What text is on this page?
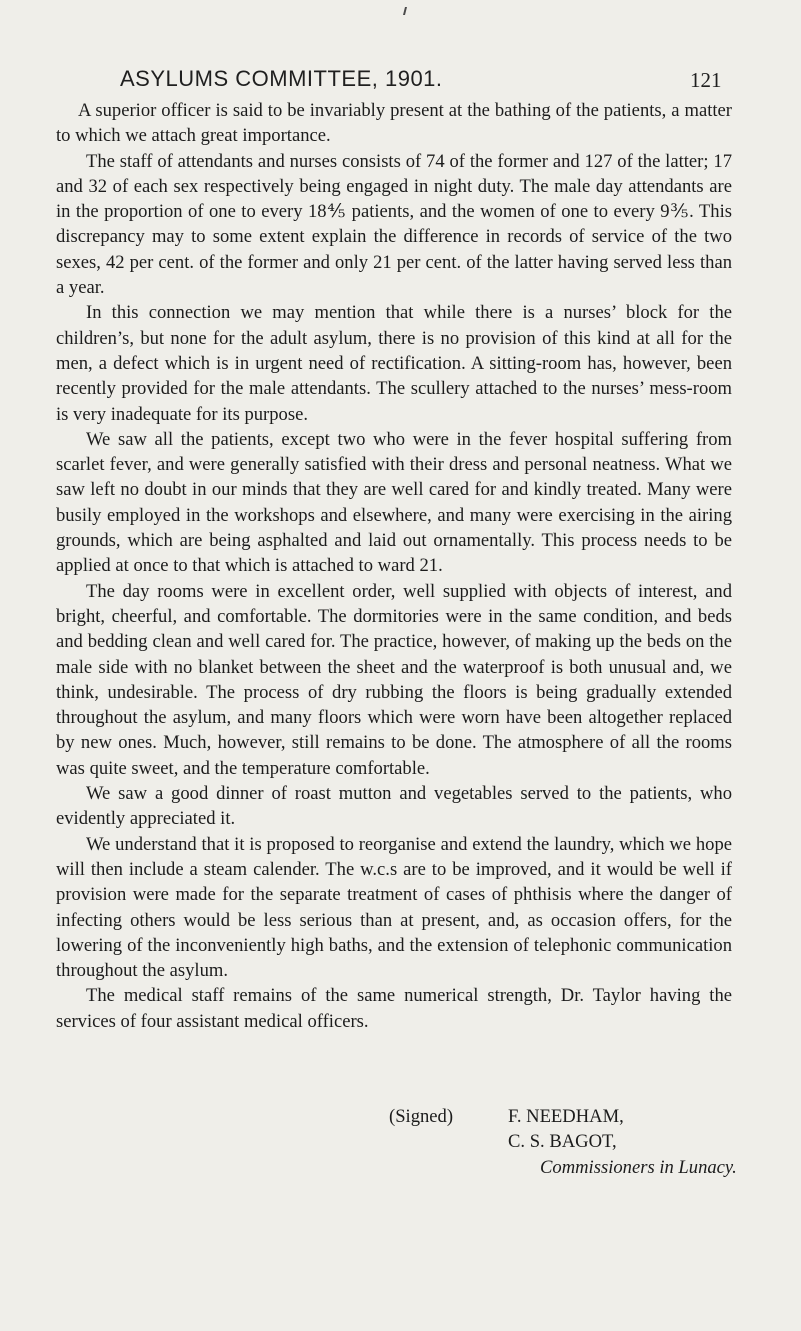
ASYLUMS COMMITTEE, 1901.	121

A superior officer is said to be invariably present at the bathing of the patients, a matter to which we attach great importance.

The staff of attendants and nurses consists of 74 of the former and 127 of the latter; 17 and 32 of each sex respectively being engaged in night duty. The male day attendants are in the proportion of one to every 18⅘ patients, and the women of one to every 9⅗. This discrepancy may to some extent explain the difference in records of service of the two sexes, 42 per cent. of the former and only 21 per cent. of the latter having served less than a year.

In this connection we may mention that while there is a nurses’ block for the children’s, but none for the adult asylum, there is no provision of this kind at all for the men, a defect which is in urgent need of rectification. A sitting-room has, however, been recently provided for the male attendants. The scullery attached to the nurses’ mess-room is very inadequate for its purpose.

We saw all the patients, except two who were in the fever hospital suffering from scarlet fever, and were generally satisfied with their dress and personal neatness. What we saw left no doubt in our minds that they are well cared for and kindly treated. Many were busily employed in the workshops and elsewhere, and many were exercising in the airing grounds, which are being asphalted and laid out ornamentally. This process needs to be applied at once to that which is attached to ward 21.

The day rooms were in excellent order, well supplied with objects of interest, and bright, cheerful, and comfortable. The dormitories were in the same condition, and beds and bedding clean and well cared for. The practice, however, of making up the beds on the male side with no blanket between the sheet and the waterproof is both unusual and, we think, undesirable. The process of dry rubbing the floors is being gradually extended throughout the asylum, and many floors which were worn have been altogether replaced by new ones. Much, however, still remains to be done. The atmosphere of all the rooms was quite sweet, and the temperature comfortable.

We saw a good dinner of roast mutton and vegetables served to the patients, who evidently appreciated it.

We understand that it is proposed to reorganise and extend the laundry, which we hope will then include a steam calender. The w.c.s are to be improved, and it would be well if provision were made for the separate treatment of cases of phthisis where the danger of infecting others would be less serious than at present, and, as occasion offers, for the lowering of the inconveniently high baths, and the extension of telephonic communication throughout the asylum.

The medical staff remains of the same numerical strength, Dr. Taylor having the services of four assistant medical officers.

(Signed)	F. NEEDHAM,
C. S. BAGOT,
Commissioners in Lunacy.
